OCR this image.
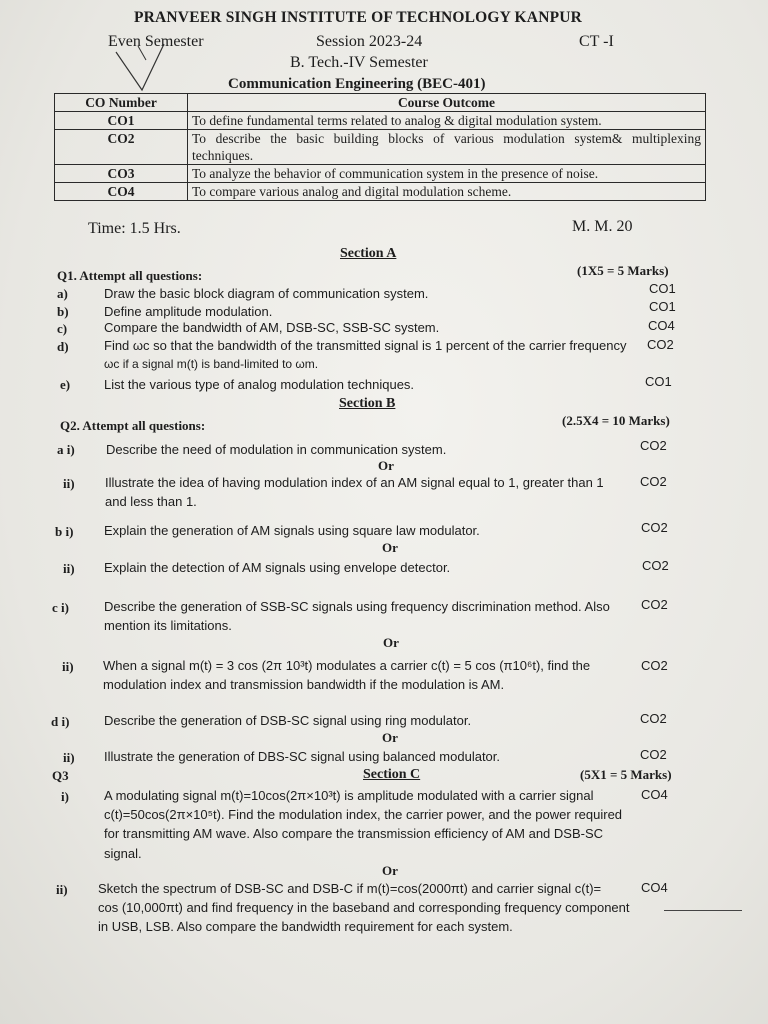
PRANVEER SINGH INSTITUTE OF TECHNOLOGY KANPUR
Even Semester	Session 2023-24	CT -I
B. Tech.-IV Semester
Communication Engineering (BEC-401)
CO Number	Course Outcome
CO1	To define fundamental terms related to analog & digital modulation system.
CO2	To describe the basic building blocks of various modulation system& multiplexing techniques.
CO3	To analyze the behavior of communication system in the presence of noise.
CO4	To compare various analog and digital modulation scheme.
Time: 1.5 Hrs.	M. M. 20
Section A
Q1. Attempt all questions:	(1X5 = 5 Marks)
a)	Draw the basic block diagram of communication system.	CO1
b)	Define amplitude modulation.	CO1
c)	Compare the bandwidth of AM, DSB-SC, SSB-SC system.	CO4
d)	Find ωc so that the bandwidth of the transmitted signal is 1 percent of the carrier frequency
ωc if a signal m(t) is band-limited to ωm.
CO2
e)	List the various type of analog modulation techniques.	CO1
Section B
Q2. Attempt all questions:	(2.5X4 = 10 Marks)
a i) Describe the need of modulation in communication system.	CO2
Or
ii) Illustrate the idea of having modulation index of an AM signal equal to 1, greater than 1
and less than 1.
CO2
b i) Explain the generation of AM signals using square law modulator.	CO2
Or
ii) Explain the detection of AM signals using envelope detector.	CO2
c i)	Describe the generation of SSB-SC signals using frequency discrimination method. Also
mention its limitations.
CO2
Or
ii) When a signal m(t) = 3 cos (2π 10³t) modulates a carrier c(t) = 5 cos (π10⁶t), find the
modulation index and transmission bandwidth if the modulation is AM.
CO2
d i)	Describe the generation of DSB-SC signal using ring modulator.	CO2
Or
ii) Illustrate the generation of DBS-SC signal using balanced modulator.	CO2
Q3	Section C	(5X1 = 5 Marks)
i)	A modulating signal m(t)=10cos(2π×10³t) is amplitude modulated with a carrier signal
c(t)=50cos(2π×10⁵t). Find the modulation index, the carrier power, and the power required
for transmitting AM wave. Also compare the transmission efficiency of AM and DSB-SC
signal.
CO4
Or
ii) Sketch the spectrum of DSB-SC and DSB-C if m(t)=cos(2000πt) and carrier signal c(t)=
cos (10,000πt) and find frequency in the baseband and corresponding frequency component
in USB, LSB. Also compare the bandwidth requirement for each system.
CO4
